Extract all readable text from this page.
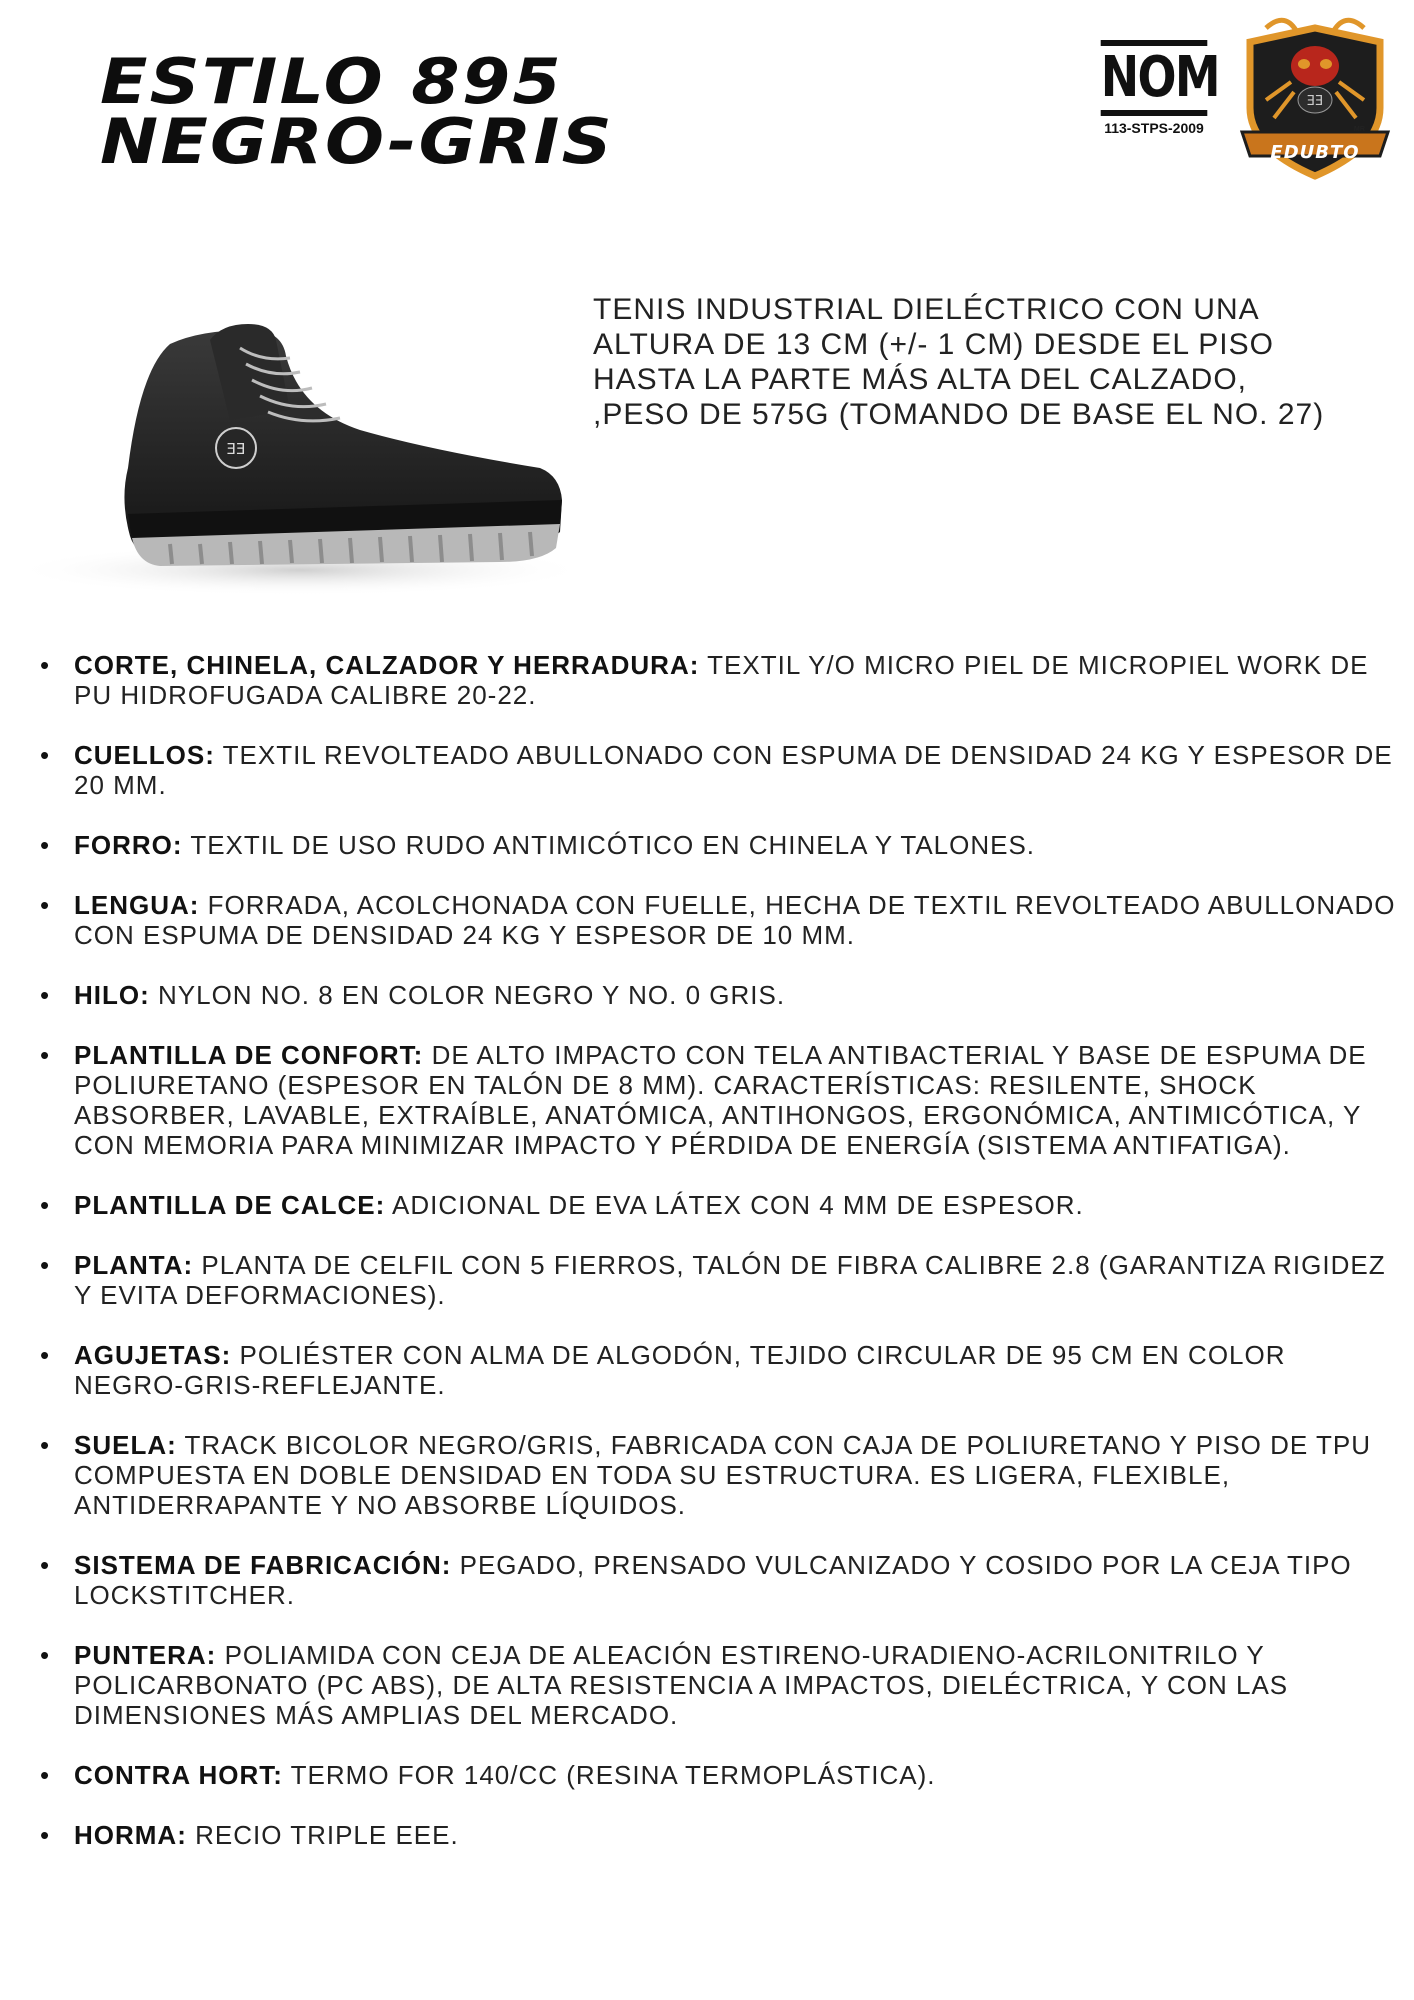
ESTILO 895
NEGRO-GRIS
NOM
113-STPS-2009
ƎƎ
MR
EDUBTO
ƎƎ

TENIS INDUSTRIAL DIELÉCTRICO CON UNA ALTURA DE 13 CM (+/- 1 CM) DESDE EL PISO HASTA LA PARTE MÁS ALTA DEL CALZADO, ,PESO DE 575G (TOMANDO DE BASE EL NO. 27)

• CORTE, CHINELA, CALZADOR Y HERRADURA: TEXTIL Y/O MICRO PIEL DE MICROPIEL WORK DE PU HIDROFUGADA CALIBRE 20-22.
• CUELLOS: TEXTIL REVOLTEADO ABULLONADO CON ESPUMA DE DENSIDAD 24 KG Y ESPESOR DE 20 MM.
• FORRO: TEXTIL DE USO RUDO ANTIMICÓTICO EN CHINELA Y TALONES.
• LENGUA: FORRADA, ACOLCHONADA CON FUELLE, HECHA DE TEXTIL REVOLTEADO ABULLONADO CON ESPUMA DE DENSIDAD 24 KG Y ESPESOR DE 10 MM.
• HILO: NYLON NO. 8 EN COLOR NEGRO Y NO. 0 GRIS.
• PLANTILLA DE CONFORT: DE ALTO IMPACTO CON TELA ANTIBACTERIAL Y BASE DE ESPUMA DE POLIURETANO (ESPESOR EN TALÓN DE 8 MM). CARACTERÍSTICAS: RESILENTE, SHOCK ABSORBER, LAVABLE, EXTRAÍBLE, ANATÓMICA, ANTIHONGOS, ERGONÓMICA, ANTIMICÓTICA, Y CON MEMORIA PARA MINIMIZAR IMPACTO Y PÉRDIDA DE ENERGÍA (SISTEMA ANTIFATIGA).
• PLANTILLA DE CALCE: ADICIONAL DE EVA LÁTEX CON 4 MM DE ESPESOR.
• PLANTA: PLANTA DE CELFIL CON 5 FIERROS, TALÓN DE FIBRA CALIBRE 2.8 (GARANTIZA RIGIDEZ Y EVITA DEFORMACIONES).
• AGUJETAS: POLIÉSTER CON ALMA DE ALGODÓN, TEJIDO CIRCULAR DE 95 CM EN COLOR NEGRO-GRIS-REFLEJANTE.
• SUELA: TRACK BICOLOR NEGRO/GRIS, FABRICADA CON CAJA DE POLIURETANO Y PISO DE TPU COMPUESTA EN DOBLE DENSIDAD EN TODA SU ESTRUCTURA. ES LIGERA, FLEXIBLE, ANTIDERRAPANTE Y NO ABSORBE LÍQUIDOS.
• SISTEMA DE FABRICACIÓN: PEGADO, PRENSADO VULCANIZADO Y COSIDO POR LA CEJA TIPO LOCKSTITCHER.
• PUNTERA: POLIAMIDA CON CEJA DE ALEACIÓN ESTIRENO-URADIENO-ACRILONITRILO Y POLICARBONATO (PC ABS), DE ALTA RESISTENCIA A IMPACTOS, DIELÉCTRICA, Y CON LAS DIMENSIONES MÁS AMPLIAS DEL MERCADO.
• CONTRA HORT: TERMO FOR 140/CC (RESINA TERMOPLÁSTICA).
• HORMA: RECIO TRIPLE EEE.
